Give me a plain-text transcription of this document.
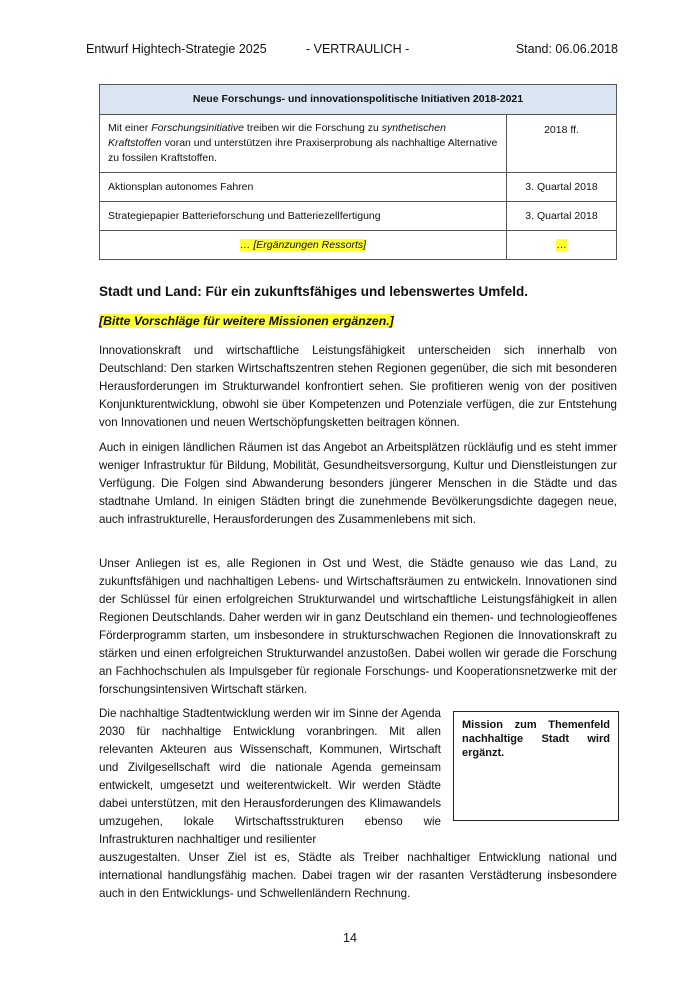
Entwurf Hightech-Strategie 2025	- VERTRAULICH -	Stand: 06.06.2018
Neue Forschungs- und innovationspolitische Initiativen 2018-2021	
Mit einer Forschungsinitiative treiben wir die Forschung zu synthetischen Kraftstoffen voran und unterstützen ihre Praxiserprobung als nachhaltige Alternative zu fossilen Kraftstoffen.	2018 ff.
Aktionsplan autonomes Fahren	3. Quartal 2018
Strategiepapier Batterieforschung und Batteriezellfertigung	3. Quartal 2018
… [Ergänzungen Ressorts]	…
Stadt und Land: Für ein zukunftsfähiges und lebenswertes Umfeld.
[Bitte Vorschläge für weitere Missionen ergänzen.]

Innovationskraft und wirtschaftliche Leistungsfähigkeit unterscheiden sich innerhalb von Deutschland: Den starken Wirtschaftszentren stehen Regionen gegenüber, die sich mit besonderen Herausforderungen im Strukturwandel konfrontiert sehen. Sie profitieren wenig von der positiven Konjunkturentwicklung, obwohl sie über Kompetenzen und Potenziale verfügen, die zur Entstehung von Innovationen und neuen Wertschöpfungsketten beitragen können.

Auch in einigen ländlichen Räumen ist das Angebot an Arbeitsplätzen rückläufig und es steht immer weniger Infrastruktur für Bildung, Mobilität, Gesundheitsversorgung, Kultur und Dienstleistungen zur Verfügung. Die Folgen sind Abwanderung besonders jüngerer Menschen in die Städte und das stadtnahe Umland. In einigen Städten bringt die zunehmende Bevölkerungsdichte dagegen neue, auch infrastrukturelle, Herausforderungen des Zusammenlebens mit sich.

Unser Anliegen ist es, alle Regionen in Ost und West, die Städte genauso wie das Land, zu zukunftsfähigen und nachhaltigen Lebens- und Wirtschaftsräumen zu entwickeln. Innovationen sind der Schlüssel für einen erfolgreichen Strukturwandel und wirtschaftliche Leistungsfähigkeit in allen Regionen Deutschlands. Daher werden wir in ganz Deutschland ein themen- und technologieoffenes Förderprogramm starten, um insbesondere in strukturschwachen Regionen die Innovationskraft zu stärken und einen erfolgreichen Strukturwandel anzustoßen. Dabei wollen wir gerade die Forschung an Fachhochschulen als Impulsgeber für regionale Forschungs- und Kooperationsnetzwerke mit der forschungsintensiven Wirtschaft stärken.

Die nachhaltige Stadtentwicklung werden wir im Sinne der Agenda 2030 für nachhaltige Entwicklung voranbringen. Mit allen relevanten Akteuren aus Wissenschaft, Kommunen, Wirtschaft und Zivilgesellschaft wird die nationale Agenda gemeinsam entwickelt, umgesetzt und weiterentwickelt. Wir werden Städte dabei unterstützen, mit den Herausforderungen des Klimawandels umzugehen, lokale Wirtschaftsstrukturen ebenso wie Infrastrukturen nachhaltiger und resilienter

auszugestalten. Unser Ziel ist es, Städte als Treiber nachhaltiger Entwicklung national und international handlungsfähig machen. Dabei tragen wir der rasanten Verstädterung insbesondere auch in den Entwicklungs- und Schwellenländern Rechnung.

Mission zum Themenfeld nachhaltige Stadt wird ergänzt.
14
